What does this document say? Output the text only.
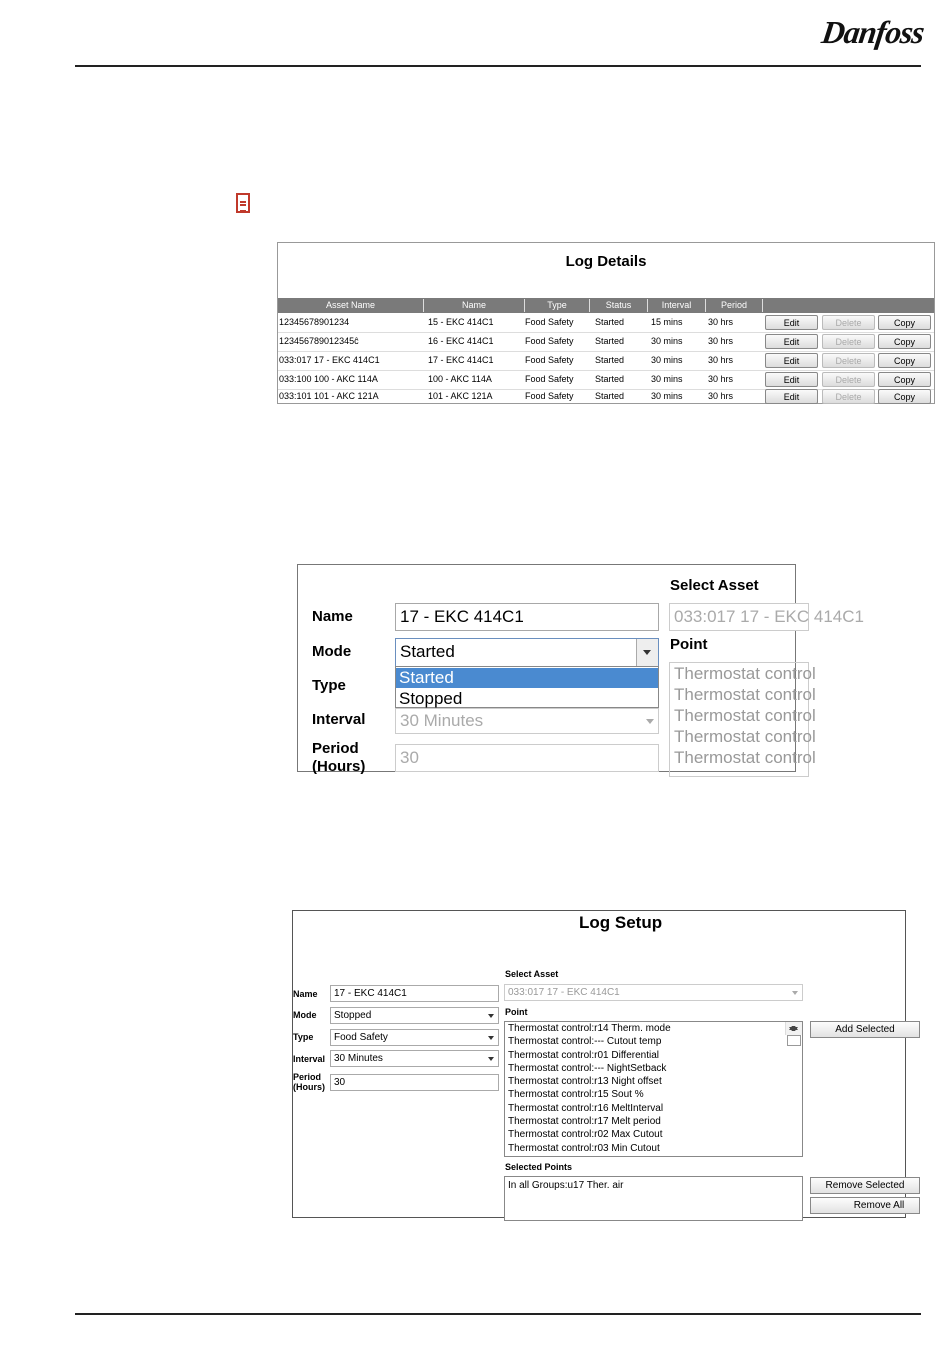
Danfoss
Log Details
Asset Name	Name	Type	Status	Interval	Period
12345678901234	15 - EKC 414C1	Food Safety Started	15 mins	30 hrs	Edit	Delete	Copy
123456789012345ĉ	16 - EKC 414C1	Food Safety Started	30 mins	30 hrs	Edit	Delete	Copy
033:017 17 - EKC 414C1	17 - EKC 414C1	Food Safety Started	30 mins	30 hrs	Edit	Delete	Copy
033:100 100 - AKC 114A	100 - AKC 114A	Food Safety Started	30 mins	30 hrs	Edit	Delete	Copy
033:101 101 - AKC 121A	101 - AKC 121A	Food Safety Started	30 mins	30 hrs	Edit	Delete	Copy
Name	17 - EKC 414C1
Mode	Started
Started
Stopped
Type
Interval 30 Minutes
Period (Hours)	30
Select Asset
033:017 17 - EKC 414C1
Point
Thermostat control
Thermostat control
Thermostat control
Thermostat control
Thermostat control
Log Setup
Name	17 - EKC 414C1
Mode	Stopped
Type	Food Safety
Interval 30 Minutes
Period (Hours) 30
Select Asset
033:017 17 - EKC 414C1
Point
Thermostat control:r14 Therm. mode
Thermostat control:--- Cutout temp
Thermostat control:r01 Differential
Thermostat control:--- NightSetback
Thermostat control:r13 Night offset
Thermostat control:r15 Sout %
Thermostat control:r16 MeltInterval
Thermostat control:r17 Melt period
Thermostat control:r02 Max Cutout
Thermostat control:r03 Min Cutout
Selected Points
In all Groups:u17 Ther. air
Add Selected
Remove Selected
Remove All
